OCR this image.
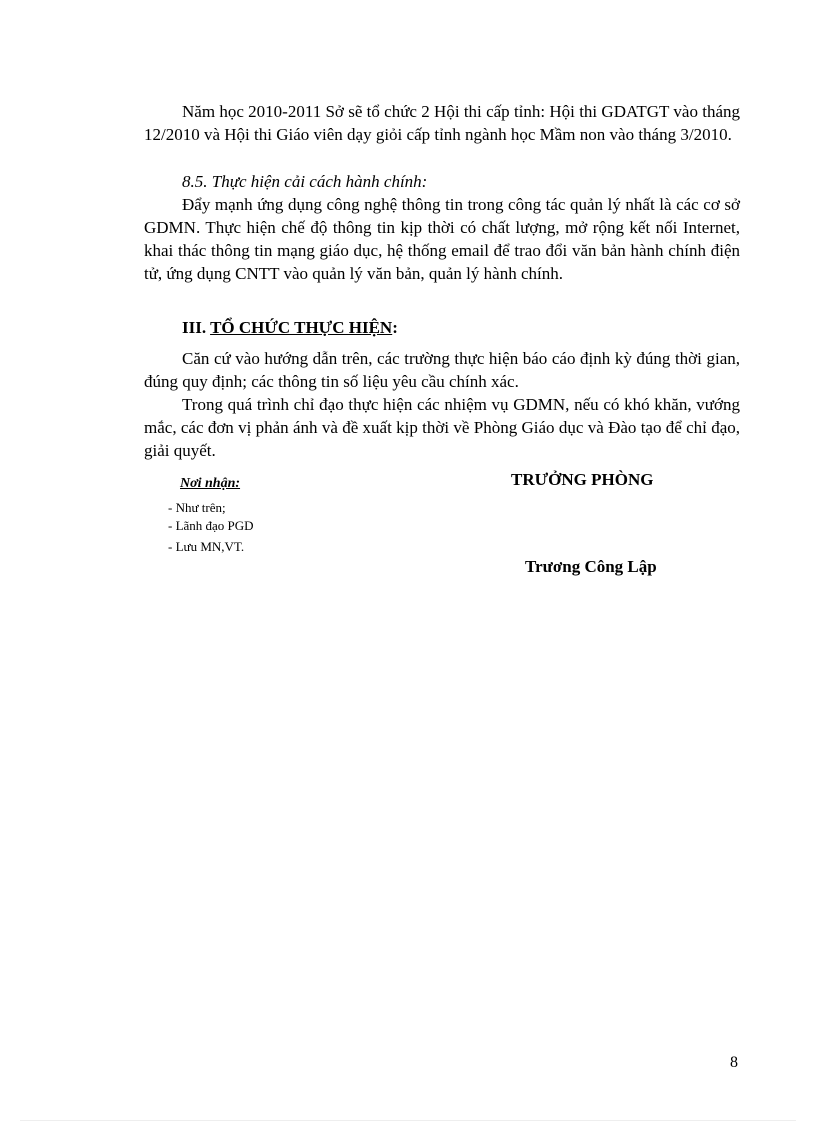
Năm học 2010-2011 Sở sẽ tổ chức 2 Hội thi cấp tỉnh: Hội thi GDATGT vào tháng 12/2010 và Hội thi Giáo viên dạy giỏi cấp tỉnh ngành học Mầm non vào tháng 3/2010.

8.5. Thực hiện cải cách hành chính:

Đẩy mạnh ứng dụng công nghệ thông tin trong công tác quản lý nhất là các cơ sở GDMN. Thực hiện chế độ thông tin kịp thời có chất lượng, mở rộng kết nối Internet, khai thác thông tin mạng giáo dục, hệ thống email để trao đổi văn bản hành chính điện tử, ứng dụng CNTT vào quản lý văn bản, quản lý hành chính.

III. TỔ CHỨC THỰC HIỆN:

Căn cứ vào hướng dẫn trên, các trường thực hiện báo cáo định kỳ đúng thời gian, đúng quy định; các thông tin số liệu yêu cầu chính xác.

Trong quá trình chỉ đạo thực hiện các nhiệm vụ GDMN, nếu có khó khăn, vướng mắc, các đơn vị phản ánh và đề xuất kịp thời về Phòng Giáo dục và Đào tạo để chỉ đạo, giải quyết.

Nơi nhận:
- Như trên;
- Lãnh đạo PGD
- Lưu MN,VT.
TRƯỞNG PHÒNG
Trương Công Lập
8
